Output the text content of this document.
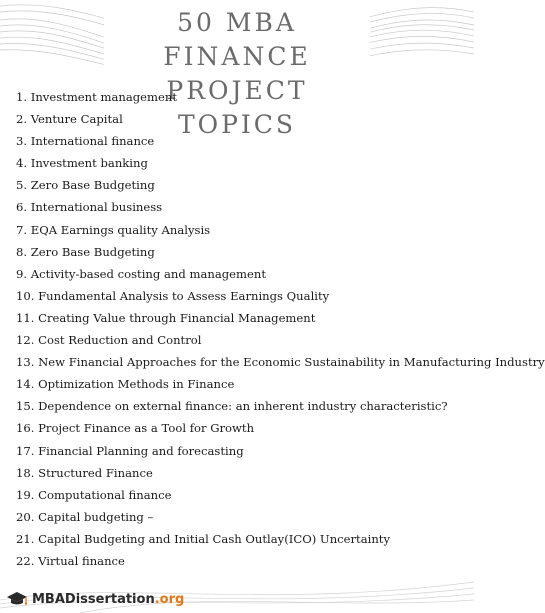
50 MBA FINANCE
PROJECT TOPICS
1. Investment management
2. Venture Capital
3. International finance
4. Investment banking
5. Zero Base Budgeting
6. International business
7. EQA Earnings quality Analysis
8. Zero Base Budgeting
9. Activity-based costing and management
10. Fundamental Analysis to Assess Earnings Quality
11. Creating Value through Financial Management
12. Cost Reduction and Control
13. New Financial Approaches for the Economic Sustainability in Manufacturing Industry
14. Optimization Methods in Finance
15. Dependence on external finance: an inherent industry characteristic?
16. Project Finance as a Tool for Growth
17. Financial Planning and forecasting
18. Structured Finance
19. Computational finance
20. Capital budgeting –
21. Capital Budgeting and Initial Cash Outlay(ICO) Uncertainty
22. Virtual finance
MBADissertation.org
